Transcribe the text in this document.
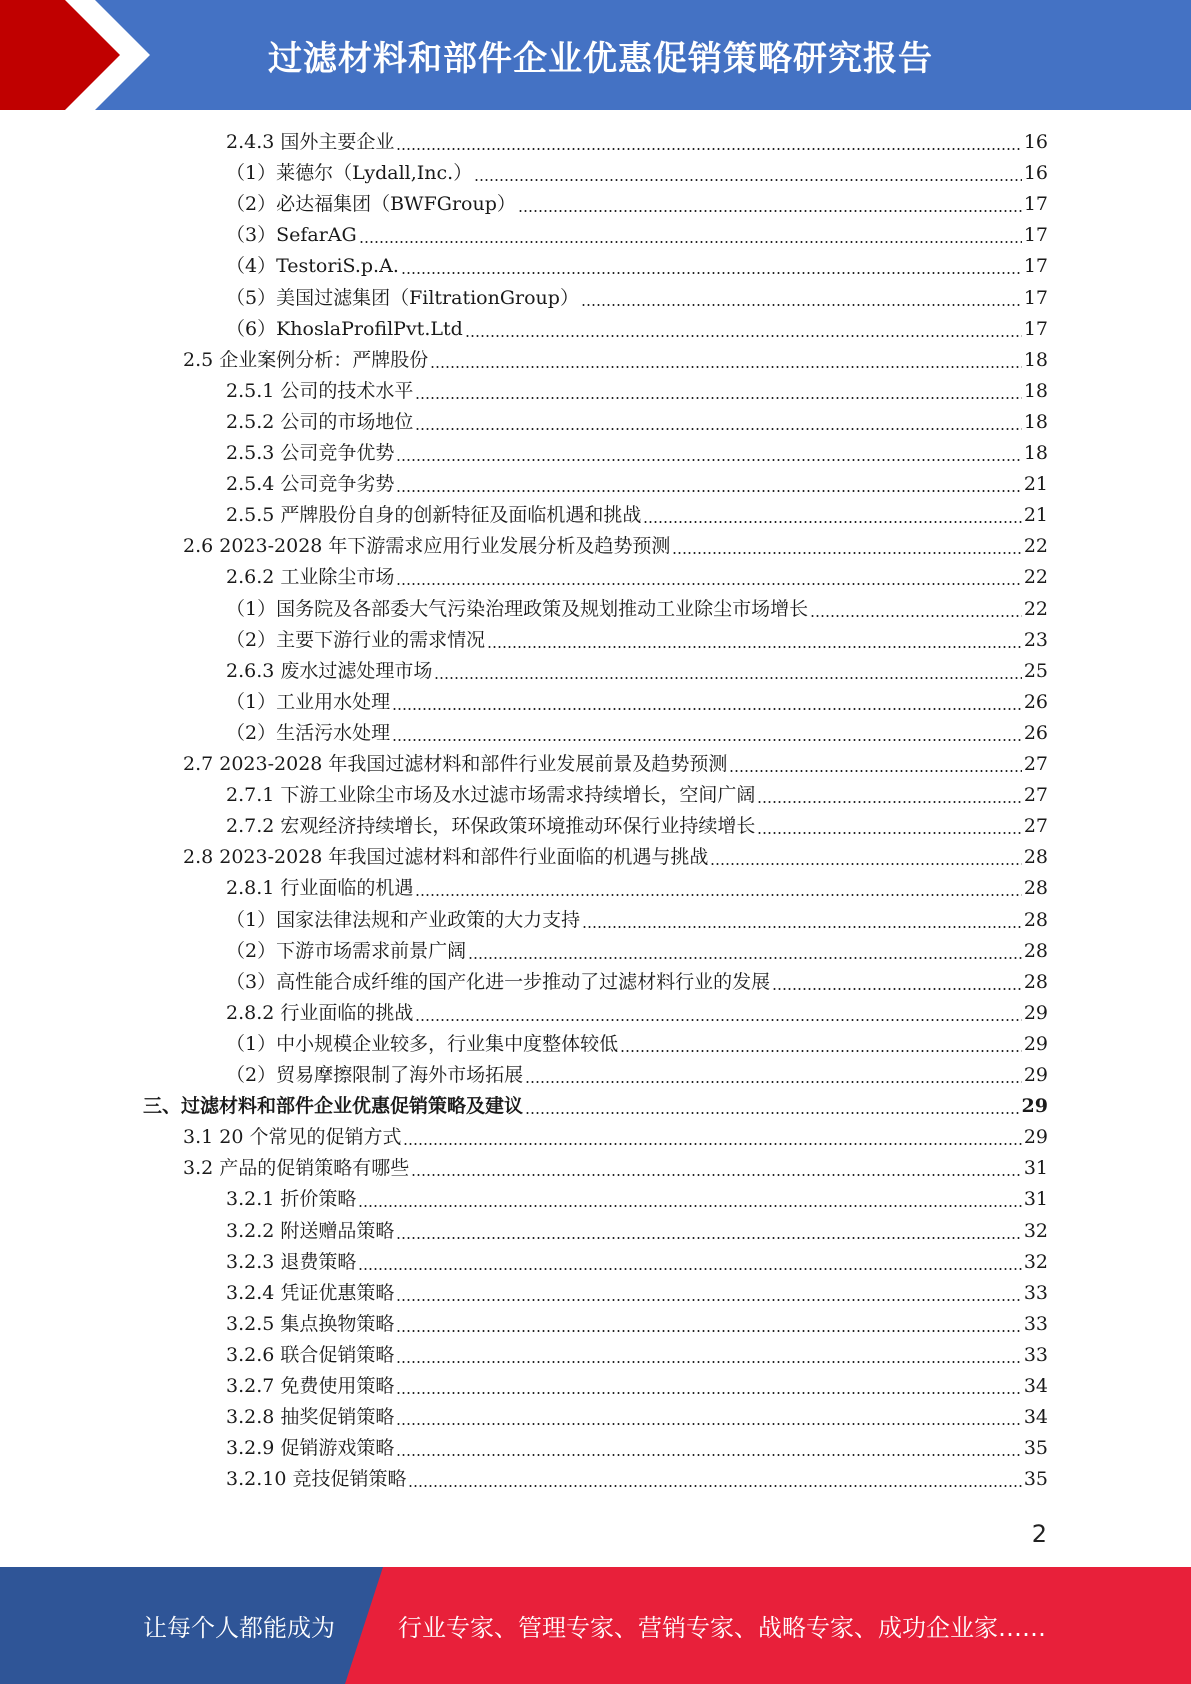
过滤材料和部件企业优惠促销策略研究报告
2.4.3 国外主要企业	16
（1）莱德尔（Lydall,Inc.）	16
（2）必达福集团（BWFGroup）	17
（3）SefarAG	17
（4）TestoriS.p.A.	17
（5）美国过滤集团（FiltrationGroup）	17
（6）KhoslaProfilPvt.Ltd	17
2.5 企业案例分析：严牌股份	18
2.5.1 公司的技术水平	18
2.5.2 公司的市场地位	18
2.5.3 公司竞争优势	18
2.5.4 公司竞争劣势	21
2.5.5 严牌股份自身的创新特征及面临机遇和挑战	21
2.6 2023-2028 年下游需求应用行业发展分析及趋势预测	22
2.6.2 工业除尘市场	22
（1）国务院及各部委大气污染治理政策及规划推动工业除尘市场增长	22
（2）主要下游行业的需求情况	23
2.6.3 废水过滤处理市场	25
（1）工业用水处理	26
（2）生活污水处理	26
2.7 2023-2028 年我国过滤材料和部件行业发展前景及趋势预测	27
2.7.1 下游工业除尘市场及水过滤市场需求持续增长，空间广阔	27
2.7.2 宏观经济持续增长，环保政策环境推动环保行业持续增长	27
2.8 2023-2028 年我国过滤材料和部件行业面临的机遇与挑战	28
2.8.1 行业面临的机遇	28
（1）国家法律法规和产业政策的大力支持	28
（2）下游市场需求前景广阔	28
（3）高性能合成纤维的国产化进一步推动了过滤材料行业的发展	28
2.8.2 行业面临的挑战	29
（1）中小规模企业较多，行业集中度整体较低	29
（2）贸易摩擦限制了海外市场拓展	29
三、过滤材料和部件企业优惠促销策略及建议	29
3.1 20 个常见的促销方式	29
3.2 产品的促销策略有哪些	31
3.2.1 折价策略	31
3.2.2 附送赠品策略	32
3.2.3 退费策略	32
3.2.4 凭证优惠策略	33
3.2.5 集点换物策略	33
3.2.6 联合促销策略	33
3.2.7 免费使用策略	34
3.2.8 抽奖促销策略	34
3.2.9 促销游戏策略	35
3.2.10 竞技促销策略	35
2
让每个人都能成为	行业专家、管理专家、营销专家、战略专家、成功企业家……
